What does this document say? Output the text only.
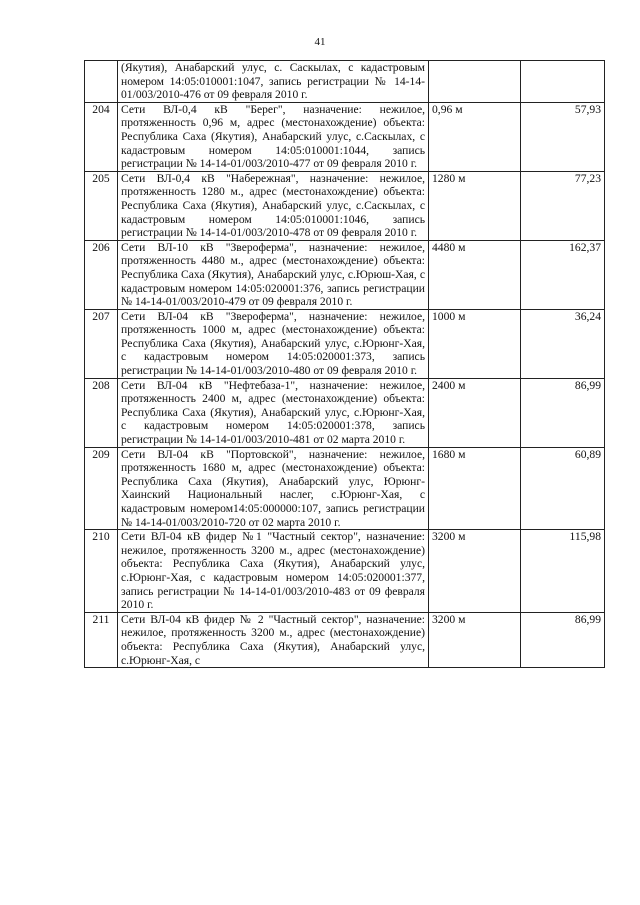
41
	(Якутия), Анабарский улус, с. Саскылах, с кадастровым номером 14:05:010001:1047, запись регистрации № 14-14-01/003/2010-476 от 09 февраля 2010 г.		
204	Сети ВЛ-0,4 кВ "Берег", назначение: нежилое, протяженность 0,96 м, адрес (местонахождение) объекта: Республика Саха (Якутия), Анабарский улус, с.Саскылах, с кадастровым номером 14:05:010001:1044, запись регистрации № 14-14-01/003/2010-477 от 09 февраля 2010 г.	0,96 м	57,93
205	Сети ВЛ-0,4 кВ "Набережная", назначение: нежилое, протяженность 1280 м., адрес (местонахождение) объекта: Республика Саха (Якутия), Анабарский улус, с.Саскылах, с кадастровым номером 14:05:010001:1046, запись регистрации № 14-14-01/003/2010-478 от 09 февраля 2010 г.	1280 м	77,23
206	Сети ВЛ-10 кВ "Звероферма", назначение: нежилое, протяженность 4480 м., адрес (местонахождение) объекта: Республика Саха (Якутия), Анабарский улус, с.Юрюш-Хая, с кадастровым номером 14:05:020001:376, запись регистрации № 14-14-01/003/2010-479 от 09 февраля 2010 г.	4480 м	162,37
207	Сети ВЛ-04 кВ "Звероферма", назначение: нежилое, протяженность 1000 м, адрес (местонахождение) объекта: Республика Саха (Якутия), Анабарский улус, с.Юрюнг-Хая, с кадастровым номером 14:05:020001:373, запись регистрации № 14-14-01/003/2010-480 от 09 февраля 2010 г.	1000 м	36,24
208	Сети ВЛ-04 кВ "Нефтебаза-1", назначение: нежилое, протяженность 2400 м, адрес (местонахождение) объекта: Республика Саха (Якутия), Анабарский улус, с.Юрюнг-Хая, с кадастровым номером 14:05:020001:378, запись регистрации № 14-14-01/003/2010-481 от 02 марта 2010 г.	2400 м	86,99
209	Сети ВЛ-04 кВ "Портовской", назначение: нежилое, протяженность 1680 м, адрес (местонахождение) объекта: Республика Саха (Якутия), Анабарский улус, Юрюнг-Хаинский Национальный наслег, с.Юрюнг-Хая, с кадастровым номером14:05:000000:107, запись регистрации № 14-14-01/003/2010-720 от 02 марта 2010 г.	1680 м	60,89
210	Сети ВЛ-04 кВ фидер №1 "Частный сектор", назначение: нежилое, протяженность 3200 м., адрес (местонахождение) объекта: Республика Саха (Якутия), Анабарский улус, с.Юрюнг-Хая, с кадастровым номером 14:05:020001:377, запись регистрации № 14-14-01/003/2010-483 от 09 февраля 2010 г.	3200 м	115,98
211	Сети ВЛ-04 кВ фидер № 2 "Частный сектор", назначение: нежилое, протяженность 3200 м., адрес (местонахождение) объекта: Республика Саха (Якутия), Анабарский улус, с.Юрюнг-Хая, с	3200 м	86,99
